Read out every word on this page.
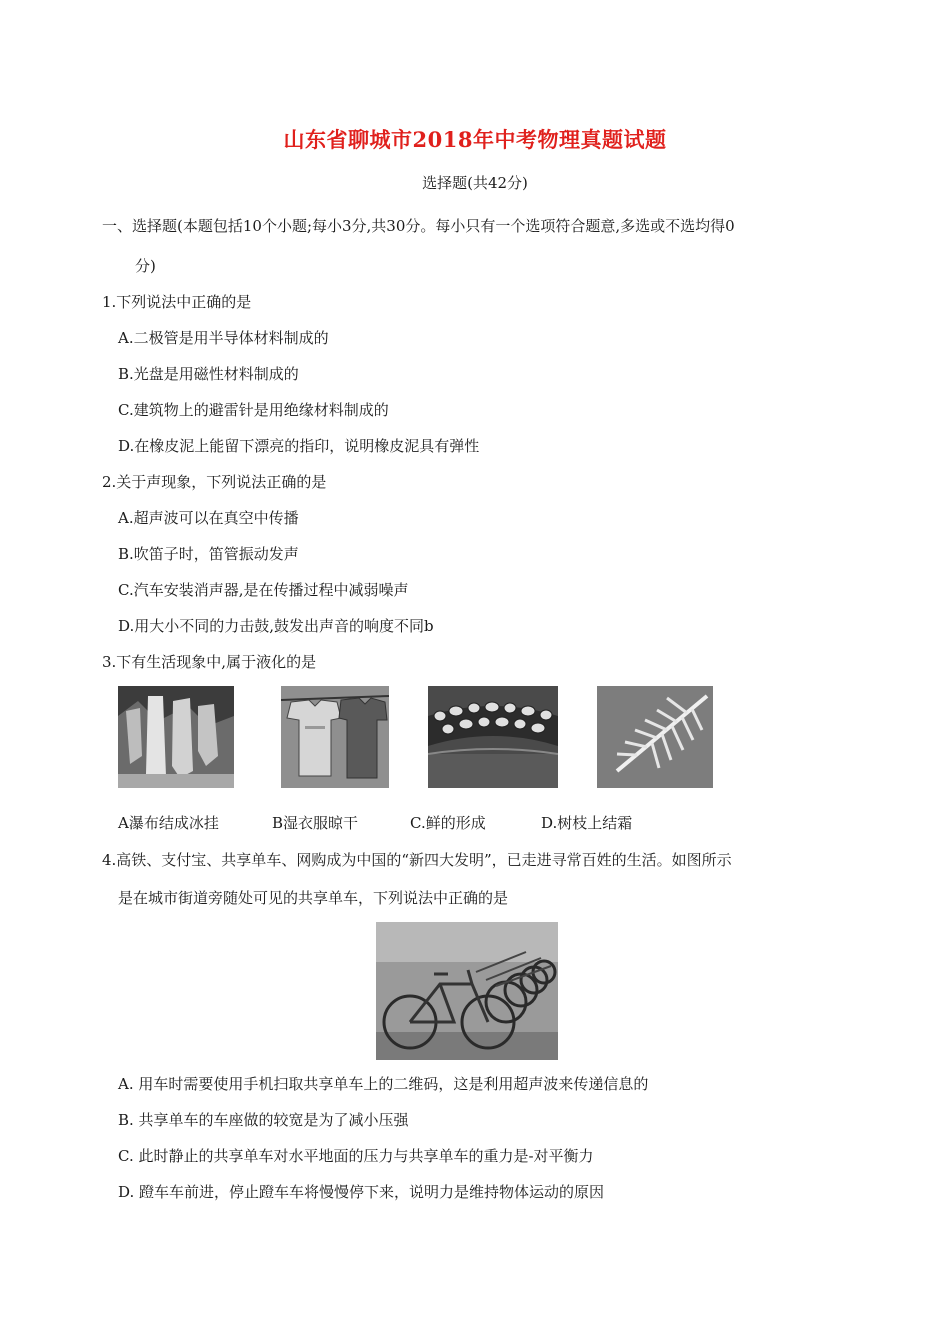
山东省聊城市2018年中考物理真题试题
选择题(共42分)
一、选择题(本题包括10个小题;每小3分,共30分。每小只有一个选项符合题意,多选或不选均得0
分)
1.下列说法中正确的是
A.二极管是用半导体材料制成的
B.光盘是用磁性材料制成的
C.建筑物上的避雷针是用绝缘材料制成的
D.在橡皮泥上能留下漂亮的指印，说明橡皮泥具有弹性
2.关于声现象，下列说法正确的是
A.超声波可以在真空中传播
B.吹笛子时，笛管振动发声
C.汽车安装消声器,是在传播过程中减弱噪声
D.用大小不同的力击鼓,鼓发出声音的响度不同b
3.下有生活现象中,属于液化的是
A瀑布结成冰挂	B湿衣服晾干	C.鲜的形成	D.树枝上结霜
4.高铁、支付宝、共享单车、网购成为中国的“新四大发明”，已走进寻常百姓的生活。如图所示
是在城市街道旁随处可见的共享单车，下列说法中正确的是
A. 用车时需要使用手机扫取共享单车上的二维码，这是利用超声波来传递信息的
B. 共享单车的车座做的较宽是为了减小压强
C. 此时静止的共享单车对水平地面的压力与共享单车的重力是-对平衡力
D. 蹬车车前进，停止蹬车车将慢慢停下来，说明力是维持物体运动的原因
